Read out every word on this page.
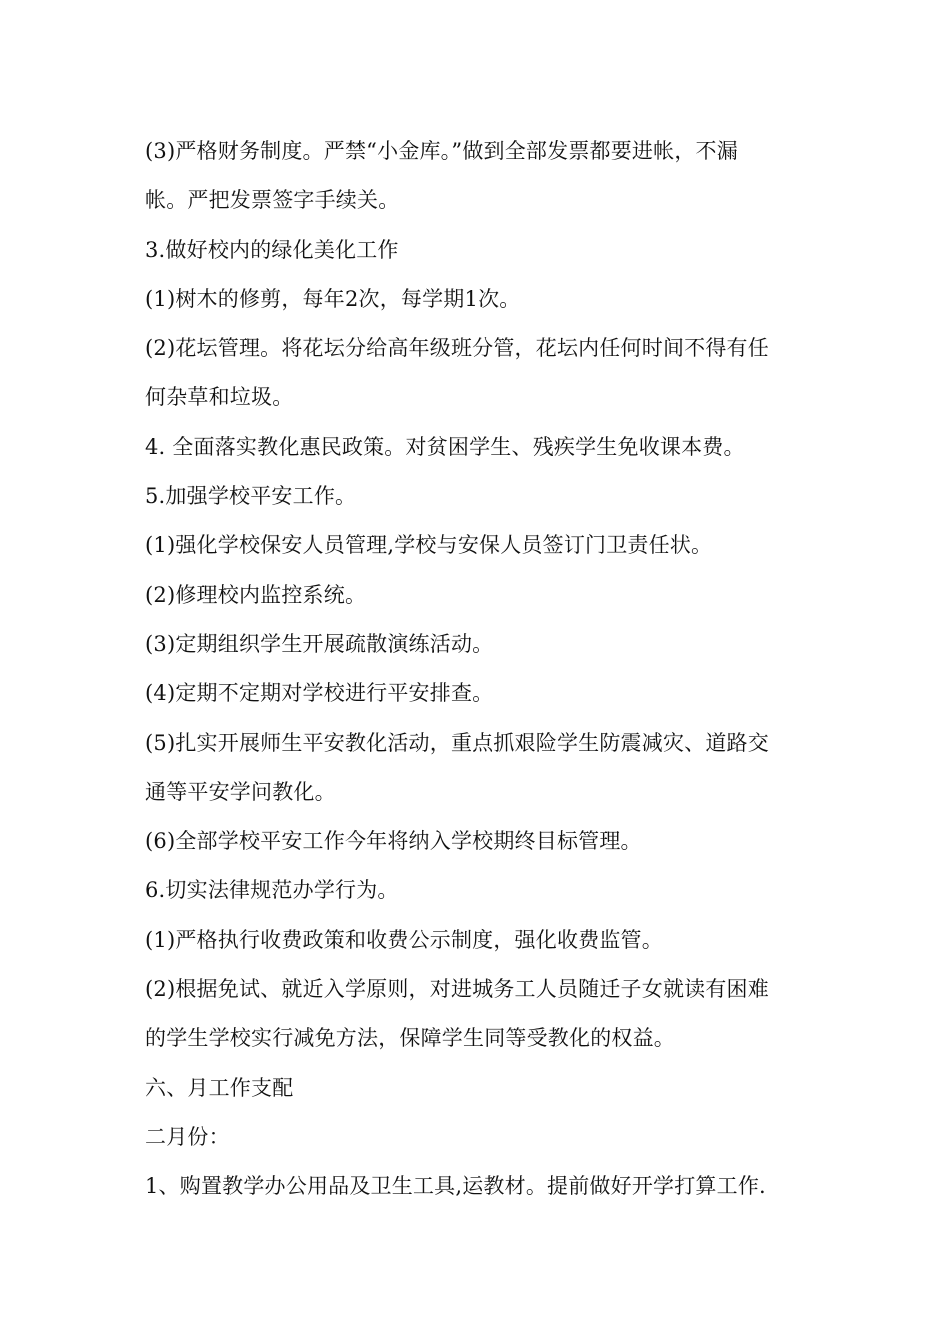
(3)严格财务制度。严禁“小金库。”做到全部发票都要进帐，不漏
帐。严把发票签字手续关。
3.做好校内的绿化美化工作
(1)树木的修剪，每年2次，每学期1次。
(2)花坛管理。将花坛分给高年级班分管，花坛内任何时间不得有任
何杂草和垃圾。
4. 全面落实教化惠民政策。对贫困学生、残疾学生免收课本费。
5.加强学校平安工作。
(1)强化学校保安人员管理,学校与安保人员签订门卫责任状。
(2)修理校内监控系统。
(3)定期组织学生开展疏散演练活动。
(4)定期不定期对学校进行平安排查。
(5)扎实开展师生平安教化活动，重点抓艰险学生防震减灾、道路交
通等平安学问教化。
(6)全部学校平安工作今年将纳入学校期终目标管理。
6.切实法律规范办学行为。
(1)严格执行收费政策和收费公示制度，强化收费监管。
(2)根据免试、就近入学原则，对进城务工人员随迁子女就读有困难
的学生学校实行减免方法，保障学生同等受教化的权益。
六、月工作支配
二月份：
1、购置教学办公用品及卫生工具,运教材。提前做好开学打算工作.
